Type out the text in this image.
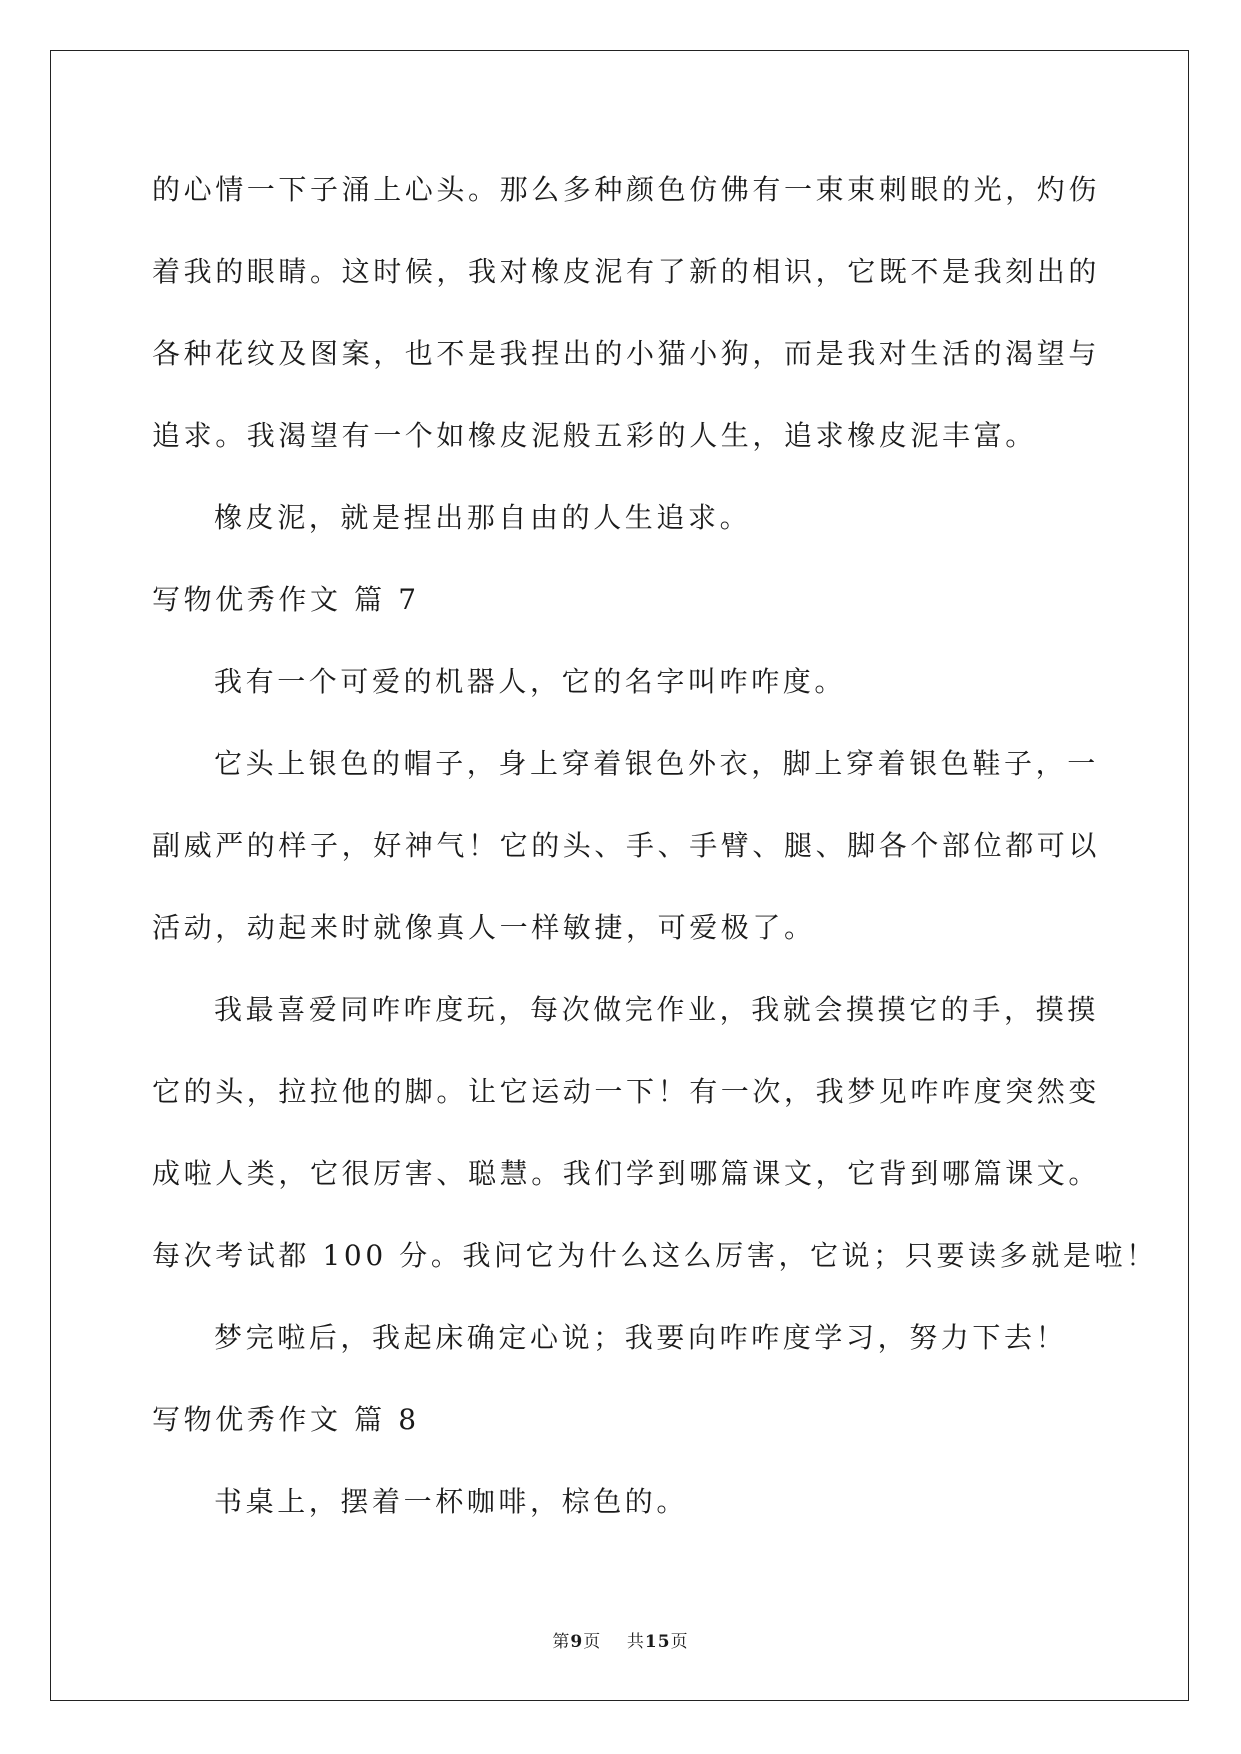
的心情一下子涌上心头。那么多种颜色仿佛有一束束刺眼的光，灼伤
着我的眼睛。这时候，我对橡皮泥有了新的相识，它既不是我刻出的
各种花纹及图案，也不是我捏出的小猫小狗，而是我对生活的渴望与
追求。我渴望有一个如橡皮泥般五彩的人生，追求橡皮泥丰富。
橡皮泥，就是捏出那自由的人生追求。
写物优秀作文 篇 7
我有一个可爱的机器人，它的名字叫咋咋度。
它头上银色的帽子，身上穿着银色外衣，脚上穿着银色鞋子，一
副威严的样子，好神气！它的头、手、手臂、腿、脚各个部位都可以
活动，动起来时就像真人一样敏捷，可爱极了。
我最喜爱同咋咋度玩，每次做完作业，我就会摸摸它的手，摸摸
它的头，拉拉他的脚。让它运动一下！有一次，我梦见咋咋度突然变
成啦人类，它很厉害、聪慧。我们学到哪篇课文，它背到哪篇课文。
每次考试都 100 分。我问它为什么这么厉害，它说；只要读多就是啦！
梦完啦后，我起床确定心说；我要向咋咋度学习，努力下去！
写物优秀作文 篇 8
书桌上，摆着一杯咖啡，棕色的。
第9页 共15页
